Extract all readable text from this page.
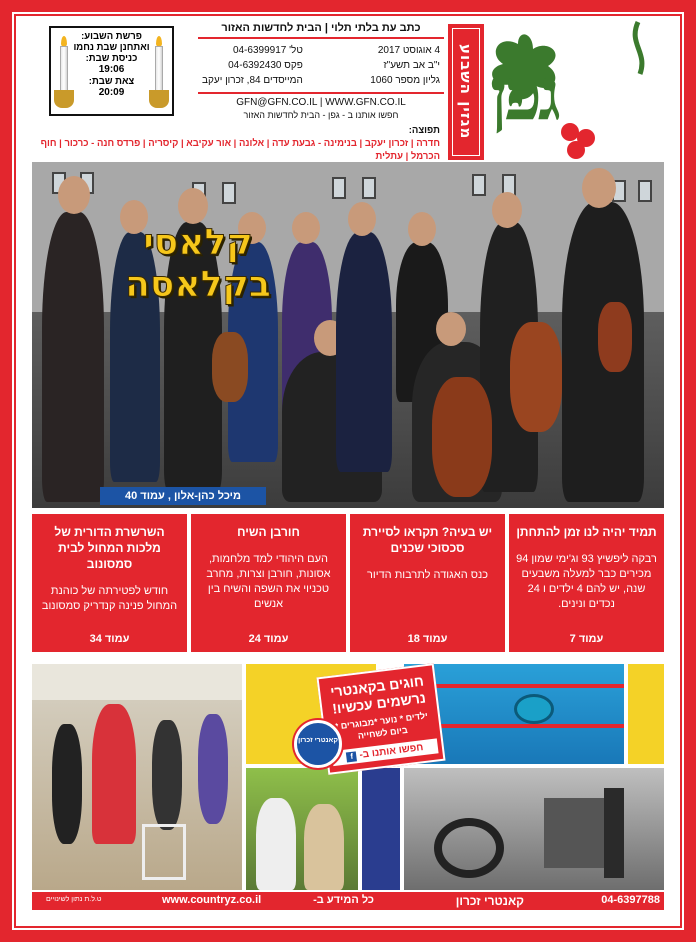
גפן
מגזין השבוע
כתב עת בלתי תלוי | הבית לחדשות האזור
4 אוגוסט 2017
י"ב אב תשע"ז
גליון מספר 1060
טל' 04-6399917
פקס 04-6392430
המייסדים 84, זכרון יעקב
GFN@GFN.CO.IL | WWW.GFN.CO.IL
חפשו אותנו ב - גפן - הבית לחדשות האזור
פרשת השבוע:
ואתחנן שבת נחמו
כניסת שבת:
19:06
צאת שבת:
20:09
תפוצה:
חדרה | זכרון יעקב | בנימינה - גבעת עדה | אלונה | אור עקיבא | קיסריה | פרדס חנה - כרכור | חוף הכרמל | עתלית
קלאסי
בקלאסה
מיכל כהן-אלון , עמוד 40
תמיד יהיה לנו זמן להתחתן
רבקה ליפשיץ 93 וג'ימי שמון 94 מכירים כבר למעלה משבעים שנה, יש להם 4 ילדים ו 24 נכדים ונינים.
עמוד 7
יש בעיה? תקראו לסיירת סכסוכי שכנים
כנס האגודה לתרבות הדיור
עמוד 18
חורבן השיח
העם היהודי למד מלחמות, אסונות, חורבן וצרות, מחרב טכניוי את השפה והשיח בין אנשים
עמוד 24
השרשרת הדורית של מלכות המחול לבית סמסונוב
חודש לפטירתה של כוהנת המחול פנינה קנדריק סמסונוב
עמוד 34
חוגים בקאנטרי נרשמים עכשיו!
ילדים * נוער *מבוגרים * ביום לשחייה
חפשו אותנו ב- f
קאנטרי זכרון
04-6397788
קאנטרי זכרון
כל המידע ב-
www.countryz.co.il
ט.ל.ת נתון לשינויים
